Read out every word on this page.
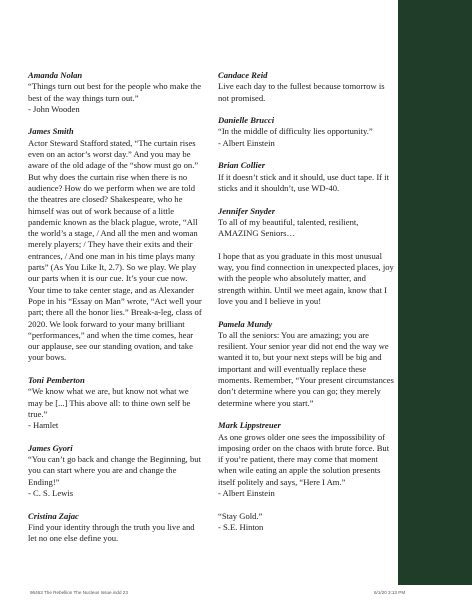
Amanda Nolan
“Things turn out best for the people who make the best of the way things turn out.”
- John Wooden
James Smith
Actor Steward Stafford stated, “The curtain rises even on an actor’s worst day.” And you may be aware of the old adage of the “show must go on.” But why does the curtain rise when there is no audience? How do we perform when we are told the theatres are closed? Shakespeare, who he himself was out of work because of a little pandemic known as the black plague, wrote, “All the world’s a stage, / And all the men and woman merely players; / They have their exits and their entrances, / And one man in his time plays many parts” (As You Like It, 2.7). So we play. We play our parts when it is our cue. It’s your cue now. Your time to take center stage, and as Alexander Pope in his “Essay on Man” wrote, “Act well your part; there all the honor lies.” Break-a-leg, class of 2020. We look forward to your many brilliant “performances,” and when the time comes, hear our applause, see our standing ovation, and take your bows.
Toni Pemberton
“We know what we are, but know not what we may be [...] This above all: to thine own self be true.”
- Hamlet
James Gyori
“You can’t go back and change the Beginning, but you can start where you are and change the Ending!”
- C. S. Lewis
Cristina Zajac
Find your identity through the truth you live and let no one else define you.
Candace Reid
Live each day to the fullest because tomorrow is not promised.
Danielle Brucci
“In the middle of difficulty lies opportunity.”
- Albert Einstein
Brian Collier
If it doesn’t stick and it should, use duct tape. If it sticks and it shouldn’t, use WD-40.
Jennifer Snyder
To all of my beautiful, talented, resilient, AMAZING Seniors…
I hope that as you graduate in this most unusual way, you find connection in unexpected places, joy with the people who absolutely matter, and strength within. Until we meet again, know that I love you and I believe in you!
Pamela Mundy
To all the seniors: You are amazing; you are resilient. Your senior year did not end the way we wanted it to, but your next steps will be big and important and will eventually replace these moments. Remember, “Your present circumstances don’t determine where you can go; they merely determine where you start.”
Mark Lippstreuer
As one grows older one sees the impossibility of imposing order on the chaos with brute force. But if you’re patient, there may come that moment when wile eating an apple the solution presents itself politely and says, “Here I Am.”
- Albert Einstein
“Stay Gold.”
- S.E. Hinton
96463 The Rebellion The Nucleus Issue.indd 23	6/1/20 3:13 PM
